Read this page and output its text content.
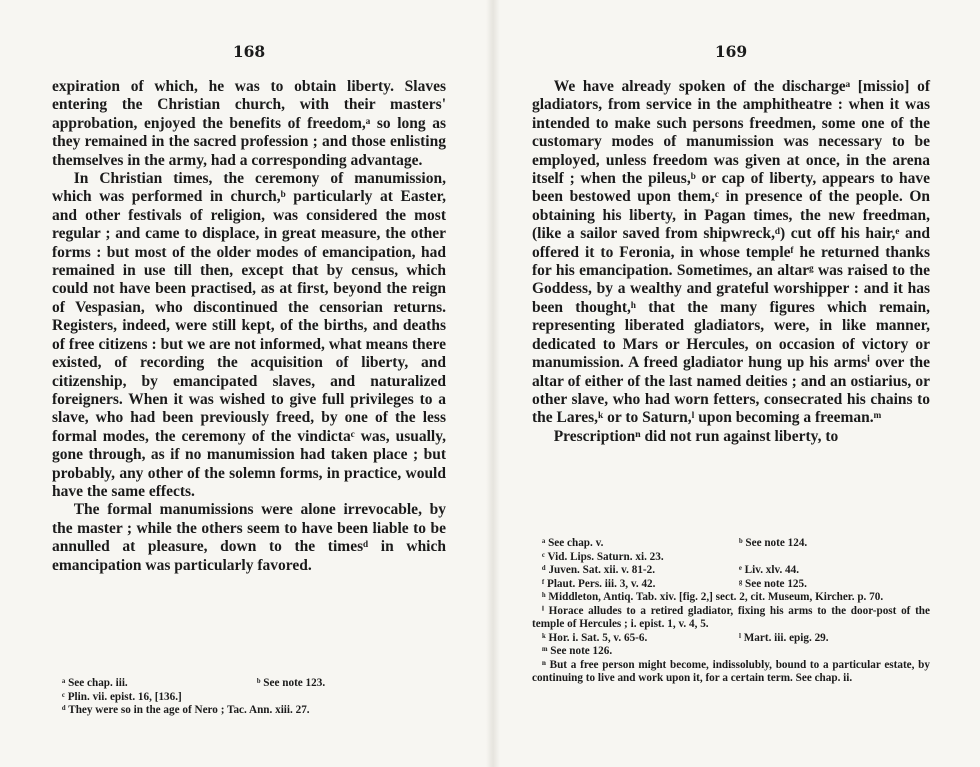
168

expiration of which, he was to obtain liberty. Slaves entering the Christian church, with their masters' approbation, enjoyed the benefits of freedom,ᵃ so long as they remained in the sacred profession ; and those enlisting themselves in the army, had a corresponding advantage.

In Christian times, the ceremony of manumission, which was performed in church,ᵇ particularly at Easter, and other festivals of religion, was considered the most regular ; and came to displace, in great measure, the other forms : but most of the older modes of emancipation, had remained in use till then, except that by census, which could not have been practised, as at first, beyond the reign of Vespasian, who discontinued the censorian returns. Registers, indeed, were still kept, of the births, and deaths of free citizens : but we are not informed, what means there existed, of recording the acquisition of liberty, and citizenship, by emancipated slaves, and naturalized foreigners. When it was wished to give full privileges to a slave, who had been previously freed, by one of the less formal modes, the ceremony of the vindictaᶜ was, usually, gone through, as if no manumission had taken place ; but probably, any other of the solemn forms, in practice, would have the same effects.

The formal manumissions were alone irrevocable, by the master ; while the others seem to have been liable to be annulled at pleasure, down to the timesᵈ in which emancipation was particularly favored.

ᵃ See chap. iii.	ᵇ See note 123.
ᶜ Plin. vii. epist. 16, [136.]
ᵈ They were so in the age of Nero ; Tac. Ann. xiii. 27.
169

We have already spoken of the dischargeᵃ [missio] of gladiators, from service in the amphitheatre : when it was intended to make such persons freedmen, some one of the customary modes of manumission was necessary to be employed, unless freedom was given at once, in the arena itself ; when the pileus,ᵇ or cap of liberty, appears to have been bestowed upon them,ᶜ in presence of the people. On obtaining his liberty, in Pagan times, the new freedman, (like a sailor saved from shipwreck,ᵈ) cut off his hair,ᵉ and offered it to Feronia, in whose templeᶠ he returned thanks for his emancipation. Sometimes, an altarᵍ was raised to the Goddess, by a wealthy and grateful worshipper : and it has been thought,ʰ that the many figures which remain, representing liberated gladiators, were, in like manner, dedicated to Mars or Hercules, on occasion of victory or manumission. A freed gladiator hung up his armsⁱ over the altar of either of the last named deities ; and an ostiarius, or other slave, who had worn fetters, consecrated his chains to the Lares,ᵏ or to Saturn,ˡ upon becoming a freeman.ᵐ

Prescriptionⁿ did not run against liberty, to

ᵃ See chap. v.	ᵇ See note 124.
ᶜ Vid. Lips. Saturn. xi. 23.
ᵈ Juven. Sat. xii. v. 81-2.	ᵉ Liv. xlv. 44.
ᶠ Plaut. Pers. iii. 3, v. 42.	ᵍ See note 125.
ʰ Middleton, Antiq. Tab. xiv. [fig. 2,] sect. 2, cit. Museum, Kircher. p. 70.
ⁱ Horace alludes to a retired gladiator, fixing his arms to the door-post of the temple of Hercules ; i. epist. 1, v. 4, 5.
ᵏ Hor. i. Sat. 5, v. 65-6.	ˡ Mart. iii. epig. 29.
ᵐ See note 126.
ⁿ But a free person might become, indissolubly, bound to a particular estate, by continuing to live and work upon it, for a certain term. See chap. ii.
